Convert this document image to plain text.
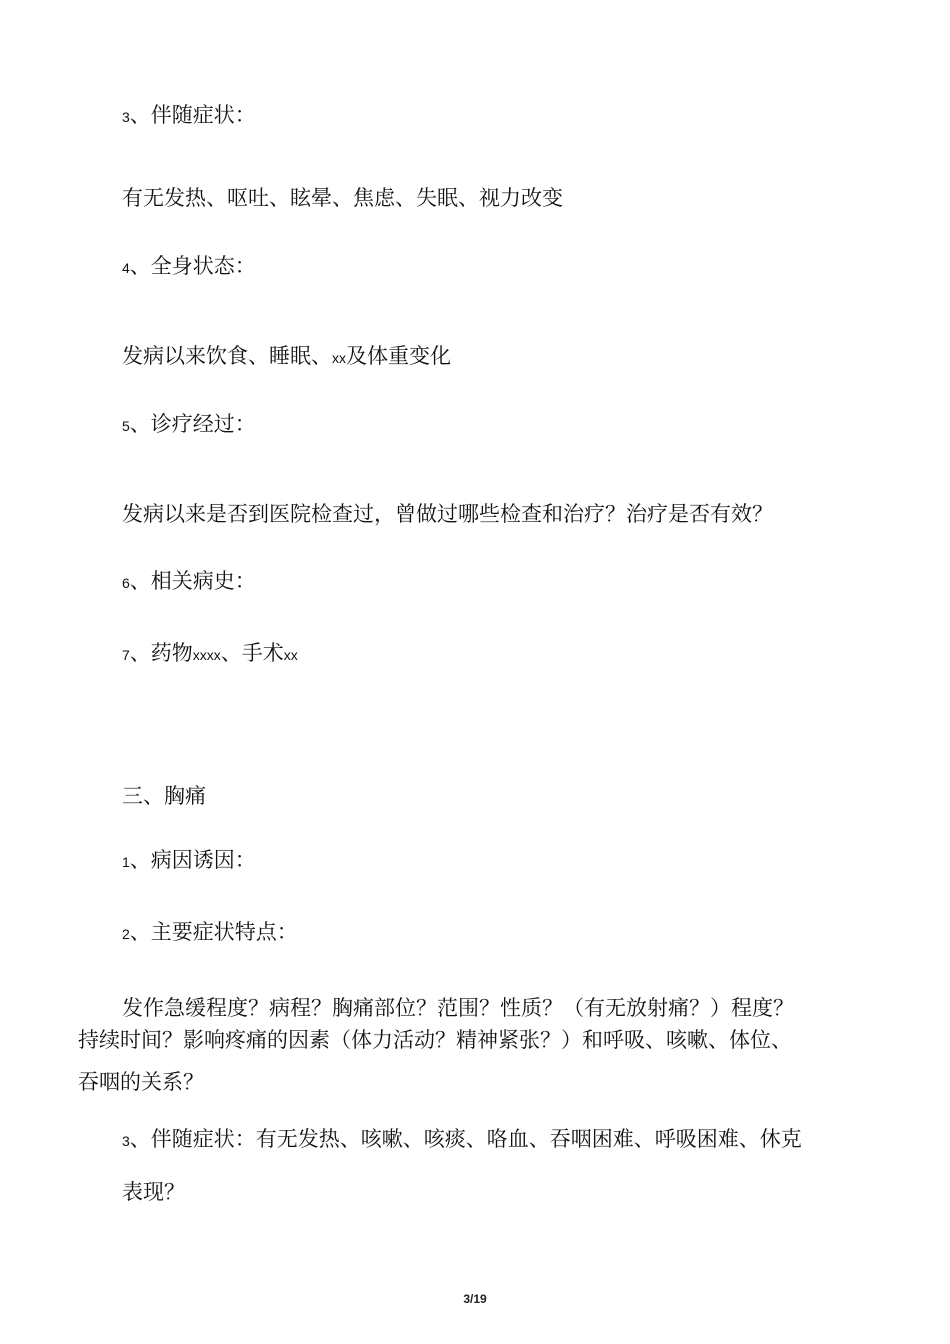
3、伴随症状：
有无发热、呕吐、眩晕、焦虑、失眠、视力改变
4、全身状态：
发病以来饮食、睡眠、xx及体重变化
5、诊疗经过：
发病以来是否到医院检查过，曾做过哪些检查和治疗？治疗是否有效？
6、相关病史：
7、药物xxxx、手术xx
三、胸痛
1、病因诱因：
2、主要症状特点：
发作急缓程度？病程？胸痛部位？范围？性质？（有无放射痛？）程度？
持续时间？影响疼痛的因素（体力活动？精神紧张？）和呼吸、咳嗽、体位、
吞咽的关系？
3、伴随症状：有无发热、咳嗽、咳痰、咯血、吞咽困难、呼吸困难、休克
表现？
3/19
